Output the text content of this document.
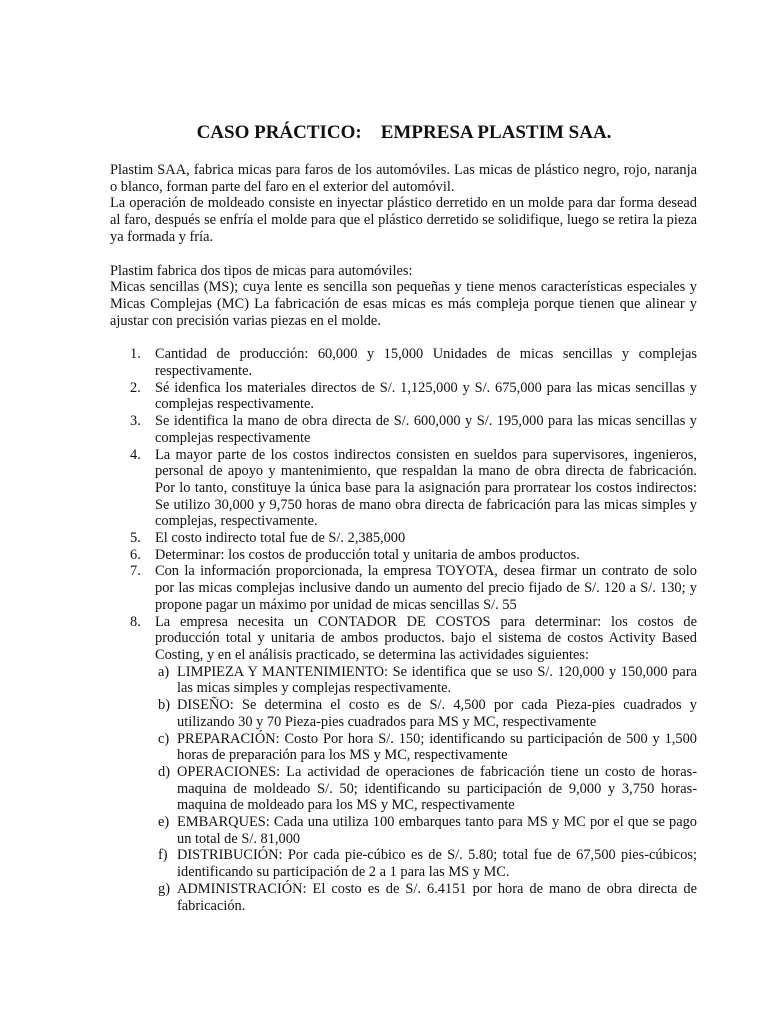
CASO PRÁCTICO:    EMPRESA PLASTIM SAA.

Plastim SAA, fabrica micas para faros de los automóviles. Las micas de plástico negro, rojo, naranja o blanco, forman parte del faro en el exterior del automóvil.

La operación de moldeado consiste en inyectar plástico derretido en un molde para dar forma desead al faro, después se enfría el molde para que el plástico derretido se solidifique, luego se retira la pieza ya formada y fría.

Plastim fabrica dos tipos de micas para automóviles:

Micas sencillas (MS); cuya lente es sencilla son pequeñas y tiene menos características especiales y Micas Complejas (MC) La fabricación de esas micas es más compleja porque tienen que alinear y ajustar con precisión varias piezas en el molde.

1. Cantidad de producción: 60,000 y 15,000 Unidades de micas sencillas y complejas respectivamente.
2. Sé idenfica los materiales directos de S/. 1,125,000 y S/. 675,000 para las micas sencillas y complejas respectivamente.
3. Se identifica la mano de obra directa de S/. 600,000 y S/. 195,000 para las micas sencillas y complejas respectivamente
4. La mayor parte de los costos indirectos consisten en sueldos para supervisores, ingenieros, personal de apoyo y mantenimiento, que respaldan la mano de obra directa de fabricación. Por lo tanto, constituye la única base para la asignación para prorratear los costos indirectos: Se utilizo 30,000 y 9,750 horas de mano obra directa de fabricación para las micas simples y complejas, respectivamente.
5. El costo indirecto total fue de S/. 2,385,000
6. Determinar: los costos de producción total y unitaria de ambos productos.
7. Con la información proporcionada, la empresa TOYOTA, desea firmar un contrato de solo por las micas complejas inclusive dando un aumento del precio fijado de S/. 120 a S/. 130; y propone pagar un máximo por unidad de micas sencillas S/. 55
8. La empresa necesita un CONTADOR DE COSTOS para determinar: los costos de producción total y unitaria de ambos productos. bajo el sistema de costos Activity Based Costing, y en el análisis practicado, se determina las actividades siguientes:
a) LIMPIEZA Y MANTENIMIENTO: Se identifica que se uso S/. 120,000 y 150,000 para las micas simples y complejas respectivamente.
b) DISEÑO: Se determina el costo es de S/. 4,500 por cada Pieza-pies cuadrados y utilizando 30 y 70 Pieza-pies cuadrados para MS y MC, respectivamente
c) PREPARACIÓN: Costo Por hora S/. 150; identificando su participación de 500 y 1,500 horas de preparación para los MS y MC, respectivamente
d) OPERACIONES: La actividad de operaciones de fabricación tiene un costo de horas-maquina de moldeado S/. 50; identificando su participación de 9,000 y 3,750 horas-maquina de moldeado para los MS y MC, respectivamente
e) EMBARQUES: Cada una utiliza 100 embarques tanto para MS y MC por el que se pago un total de S/. 81,000
f) DISTRIBUCIÓN: Por cada pie-cúbico es de S/. 5.80; total fue de 67,500 pies-cúbicos; identificando su participación de 2 a 1 para las MS y MC.
g) ADMINISTRACIÓN: El costo es de S/. 6.4151 por hora de mano de obra directa de fabricación.
